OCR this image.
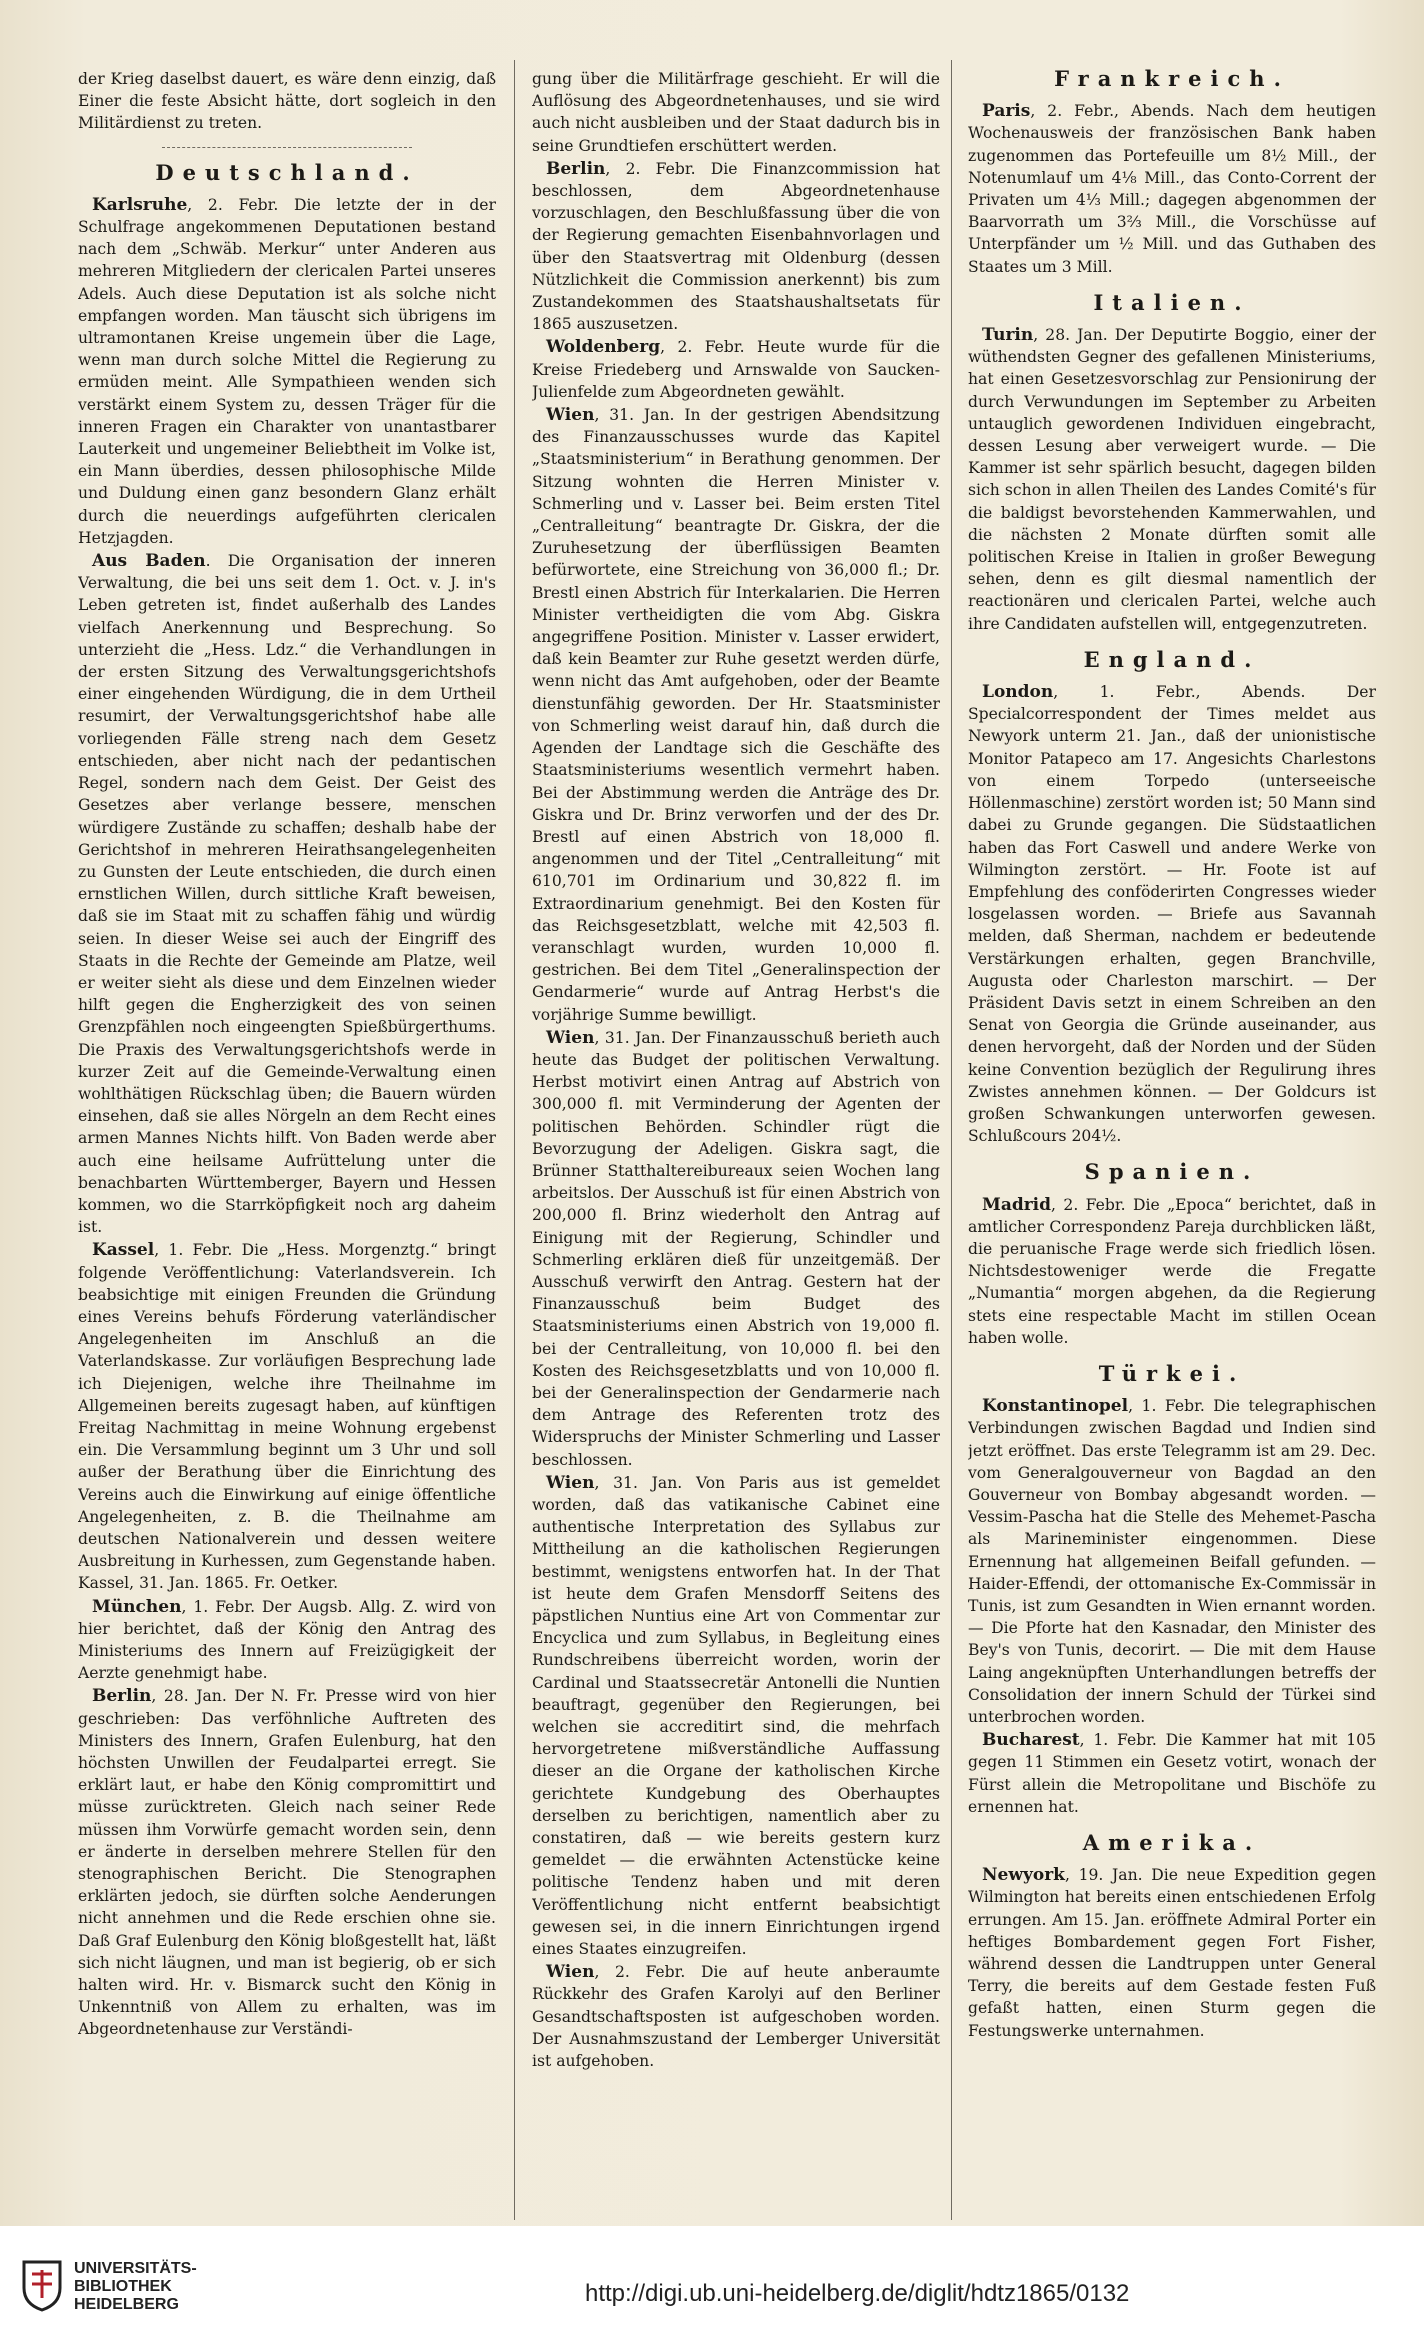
der Krieg daselbst dauert, es wäre denn einzig, daß Einer die feste Absicht hätte, dort sogleich in den Militärdienst zu treten.

Deutschland.

Karlsruhe, 2. Febr. Die letzte der in der Schulfrage angekommenen Deputationen bestand nach dem „Schwäb. Merkur“ unter Anderen aus mehreren Mitgliedern der clericalen Partei unseres Adels. Auch diese Deputation ist als solche nicht empfangen worden. Man täuscht sich übrigens im ultramontanen Kreise ungemein über die Lage, wenn man durch solche Mittel die Regierung zu ermüden meint. Alle Sympathieen wenden sich verstärkt einem System zu, dessen Träger für die inneren Fragen ein Charakter von unantastbarer Lauterkeit und ungemeiner Beliebtheit im Volke ist, ein Mann überdies, dessen philosophische Milde und Duldung einen ganz besondern Glanz erhält durch die neuerdings aufgeführten clericalen Hetzjagden.

Aus Baden. Die Organisation der inneren Verwaltung, die bei uns seit dem 1. Oct. v. J. in's Leben getreten ist, findet außerhalb des Landes vielfach Anerkennung und Besprechung. So unterzieht die „Hess. Ldz.“ die Verhandlungen in der ersten Sitzung des Verwaltungsgerichtshofs einer eingehenden Würdigung, die in dem Urtheil resumirt, der Verwaltungsgerichtshof habe alle vorliegenden Fälle streng nach dem Gesetz entschieden, aber nicht nach der pedantischen Regel, sondern nach dem Geist. Der Geist des Gesetzes aber verlange bessere, menschen würdigere Zustände zu schaffen; deshalb habe der Gerichtshof in mehreren Heirathsangelegenheiten zu Gunsten der Leute entschieden, die durch einen ernstlichen Willen, durch sittliche Kraft beweisen, daß sie im Staat mit zu schaffen fähig und würdig seien. In dieser Weise sei auch der Eingriff des Staats in die Rechte der Gemeinde am Platze, weil er weiter sieht als diese und dem Einzelnen wieder hilft gegen die Engherzigkeit des von seinen Grenzpfählen noch eingeengten Spießbürgerthums. Die Praxis des Verwaltungsgerichtshofs werde in kurzer Zeit auf die Gemeinde-Verwaltung einen wohlthätigen Rückschlag üben; die Bauern würden einsehen, daß sie alles Nörgeln an dem Recht eines armen Mannes Nichts hilft. Von Baden werde aber auch eine heilsame Aufrüttelung unter die benachbarten Württemberger, Bayern und Hessen kommen, wo die Starrköpfigkeit noch arg daheim ist.

Kassel, 1. Febr. Die „Hess. Morgenztg.“ bringt folgende Veröffentlichung: Vaterlandsverein. Ich beabsichtige mit einigen Freunden die Gründung eines Vereins behufs Förderung vaterländischer Angelegenheiten im Anschluß an die Vaterlandskasse. Zur vorläufigen Besprechung lade ich Diejenigen, welche ihre Theilnahme im Allgemeinen bereits zugesagt haben, auf künftigen Freitag Nachmittag in meine Wohnung ergebenst ein. Die Versammlung beginnt um 3 Uhr und soll außer der Berathung über die Einrichtung des Vereins auch die Einwirkung auf einige öffentliche Angelegenheiten, z. B. die Theilnahme am deutschen Nationalverein und dessen weitere Ausbreitung in Kurhessen, zum Gegenstande haben. Kassel, 31. Jan. 1865. Fr. Oetker.

München, 1. Febr. Der Augsb. Allg. Z. wird von hier berichtet, daß der König den Antrag des Ministeriums des Innern auf Freizügigkeit der Aerzte genehmigt habe.

Berlin, 28. Jan. Der N. Fr. Presse wird von hier geschrieben: Das verföhnliche Auftreten des Ministers des Innern, Grafen Eulenburg, hat den höchsten Unwillen der Feudalpartei erregt. Sie erklärt laut, er habe den König compromittirt und müsse zurücktreten. Gleich nach seiner Rede müssen ihm Vorwürfe gemacht worden sein, denn er änderte in derselben mehrere Stellen für den stenographischen Bericht. Die Stenographen erklärten jedoch, sie dürften solche Aenderungen nicht annehmen und die Rede erschien ohne sie. Daß Graf Eulenburg den König bloßgestellt hat, läßt sich nicht läugnen, und man ist begierig, ob er sich halten wird. Hr. v. Bismarck sucht den König in Unkenntniß von Allem zu erhalten, was im Abgeordnetenhause zur Verständi-

gung über die Militärfrage geschieht. Er will die Auflösung des Abgeordnetenhauses, und sie wird auch nicht ausbleiben und der Staat dadurch bis in seine Grundtiefen erschüttert werden.

Berlin, 2. Febr. Die Finanzcommission hat beschlossen, dem Abgeordnetenhause vorzuschlagen, den Beschlußfassung über die von der Regierung gemachten Eisenbahnvorlagen und über den Staatsvertrag mit Oldenburg (dessen Nützlichkeit die Commission anerkennt) bis zum Zustandekommen des Staatshaushaltsetats für 1865 auszusetzen.

Woldenberg, 2. Febr. Heute wurde für die Kreise Friedeberg und Arnswalde von Saucken-Julienfelde zum Abgeordneten gewählt.

Wien, 31. Jan. In der gestrigen Abendsitzung des Finanzausschusses wurde das Kapitel „Staatsministerium“ in Berathung genommen. Der Sitzung wohnten die Herren Minister v. Schmerling und v. Lasser bei. Beim ersten Titel „Centralleitung“ beantragte Dr. Giskra, der die Zuruhesetzung der überflüssigen Beamten befürwortete, eine Streichung von 36,000 fl.; Dr. Brestl einen Abstrich für Interkalarien. Die Herren Minister vertheidigten die vom Abg. Giskra angegriffene Position. Minister v. Lasser erwidert, daß kein Beamter zur Ruhe gesetzt werden dürfe, wenn nicht das Amt aufgehoben, oder der Beamte dienstunfähig geworden. Der Hr. Staatsminister von Schmerling weist darauf hin, daß durch die Agenden der Landtage sich die Geschäfte des Staatsministeriums wesentlich vermehrt haben. Bei der Abstimmung werden die Anträge des Dr. Giskra und Dr. Brinz verworfen und der des Dr. Brestl auf einen Abstrich von 18,000 fl. angenommen und der Titel „Centralleitung“ mit 610,701 im Ordinarium und 30,822 fl. im Extraordinarium genehmigt. Bei den Kosten für das Reichsgesetzblatt, welche mit 42,503 fl. veranschlagt wurden, wurden 10,000 fl. gestrichen. Bei dem Titel „Generalinspection der Gendarmerie“ wurde auf Antrag Herbst's die vorjährige Summe bewilligt.

Wien, 31. Jan. Der Finanzausschuß berieth auch heute das Budget der politischen Verwaltung. Herbst motivirt einen Antrag auf Abstrich von 300,000 fl. mit Verminderung der Agenten der politischen Behörden. Schindler rügt die Bevorzugung der Adeligen. Giskra sagt, die Brünner Statthaltereibureaux seien Wochen lang arbeitslos. Der Ausschuß ist für einen Abstrich von 200,000 fl. Brinz wiederholt den Antrag auf Einigung mit der Regierung, Schindler und Schmerling erklären dieß für unzeitgemäß. Der Ausschuß verwirft den Antrag. Gestern hat der Finanzausschuß beim Budget des Staatsministeriums einen Abstrich von 19,000 fl. bei der Centralleitung, von 10,000 fl. bei den Kosten des Reichsgesetzblatts und von 10,000 fl. bei der Generalinspection der Gendarmerie nach dem Antrage des Referenten trotz des Widerspruchs der Minister Schmerling und Lasser beschlossen.

Wien, 31. Jan. Von Paris aus ist gemeldet worden, daß das vatikanische Cabinet eine authentische Interpretation des Syllabus zur Mittheilung an die katholischen Regierungen bestimmt, wenigstens entworfen hat. In der That ist heute dem Grafen Mensdorff Seitens des päpstlichen Nuntius eine Art von Commentar zur Encyclica und zum Syllabus, in Begleitung eines Rundschreibens überreicht worden, worin der Cardinal und Staatssecretär Antonelli die Nuntien beauftragt, gegenüber den Regierungen, bei welchen sie accreditirt sind, die mehrfach hervorgetretene mißverständliche Auffassung dieser an die Organe der katholischen Kirche gerichtete Kundgebung des Oberhauptes derselben zu berichtigen, namentlich aber zu constatiren, daß — wie bereits gestern kurz gemeldet — die erwähnten Actenstücke keine politische Tendenz haben und mit deren Veröffentlichung nicht entfernt beabsichtigt gewesen sei, in die innern Einrichtungen irgend eines Staates einzugreifen.

Wien, 2. Febr. Die auf heute anberaumte Rückkehr des Grafen Karolyi auf den Berliner Gesandtschaftsposten ist aufgeschoben worden. Der Ausnahmszustand der Lemberger Universität ist aufgehoben.

Frankreich.

Paris, 2. Febr., Abends. Nach dem heutigen Wochenausweis der französischen Bank haben zugenommen das Portefeuille um 8½ Mill., der Notenumlauf um 4⅛ Mill., das Conto-Corrent der Privaten um 4⅓ Mill.; dagegen abgenommen der Baarvorrath um 3⅔ Mill., die Vorschüsse auf Unterpfänder um ½ Mill. und das Guthaben des Staates um 3 Mill.

Italien.

Turin, 28. Jan. Der Deputirte Boggio, einer der wüthendsten Gegner des gefallenen Ministeriums, hat einen Gesetzesvorschlag zur Pensionirung der durch Verwundungen im September zu Arbeiten untauglich gewordenen Individuen eingebracht, dessen Lesung aber verweigert wurde. — Die Kammer ist sehr spärlich besucht, dagegen bilden sich schon in allen Theilen des Landes Comité's für die baldigst bevorstehenden Kammerwahlen, und die nächsten 2 Monate dürften somit alle politischen Kreise in Italien in großer Bewegung sehen, denn es gilt diesmal namentlich der reactionären und clericalen Partei, welche auch ihre Candidaten aufstellen will, entgegenzutreten.

England.

London, 1. Febr., Abends. Der Specialcorrespondent der Times meldet aus Newyork unterm 21. Jan., daß der unionistische Monitor Patapeco am 17. Angesichts Charlestons von einem Torpedo (unterseeische Höllenmaschine) zerstört worden ist; 50 Mann sind dabei zu Grunde gegangen. Die Südstaatlichen haben das Fort Caswell und andere Werke von Wilmington zerstört. — Hr. Foote ist auf Empfehlung des conföderirten Congresses wieder losgelassen worden. — Briefe aus Savannah melden, daß Sherman, nachdem er bedeutende Verstärkungen erhalten, gegen Branchville, Augusta oder Charleston marschirt. — Der Präsident Davis setzt in einem Schreiben an den Senat von Georgia die Gründe auseinander, aus denen hervorgeht, daß der Norden und der Süden keine Convention bezüglich der Regulirung ihres Zwistes annehmen können. — Der Goldcurs ist großen Schwankungen unterworfen gewesen. Schlußcours 204½.

Spanien.

Madrid, 2. Febr. Die „Epoca“ berichtet, daß in amtlicher Correspondenz Pareja durchblicken läßt, die peruanische Frage werde sich friedlich lösen. Nichtsdestoweniger werde die Fregatte „Numantia“ morgen abgehen, da die Regierung stets eine respectable Macht im stillen Ocean haben wolle.

Türkei.

Konstantinopel, 1. Febr. Die telegraphischen Verbindungen zwischen Bagdad und Indien sind jetzt eröffnet. Das erste Telegramm ist am 29. Dec. vom Generalgouverneur von Bagdad an den Gouverneur von Bombay abgesandt worden. — Vessim-Pascha hat die Stelle des Mehemet-Pascha als Marineminister eingenommen. Diese Ernennung hat allgemeinen Beifall gefunden. — Haider-Effendi, der ottomanische Ex-Commissär in Tunis, ist zum Gesandten in Wien ernannt worden. — Die Pforte hat den Kasnadar, den Minister des Bey's von Tunis, decorirt. — Die mit dem Hause Laing angeknüpften Unterhandlungen betreffs der Consolidation der innern Schuld der Türkei sind unterbrochen worden.

Bucharest, 1. Febr. Die Kammer hat mit 105 gegen 11 Stimmen ein Gesetz votirt, wonach der Fürst allein die Metropolitane und Bischöfe zu ernennen hat.

Amerika.

Newyork, 19. Jan. Die neue Expedition gegen Wilmington hat bereits einen entschiedenen Erfolg errungen. Am 15. Jan. eröffnete Admiral Porter ein heftiges Bombardement gegen Fort Fisher, während dessen die Landtruppen unter General Terry, die bereits auf dem Gestade festen Fuß gefaßt hatten, einen Sturm gegen die Festungswerke unternahmen.

UNIVERSITÄTS-
BIBLIOTHEK
HEIDELBERG	http://digi.ub.uni-heidelberg.de/diglit/hdtz1865/0132
